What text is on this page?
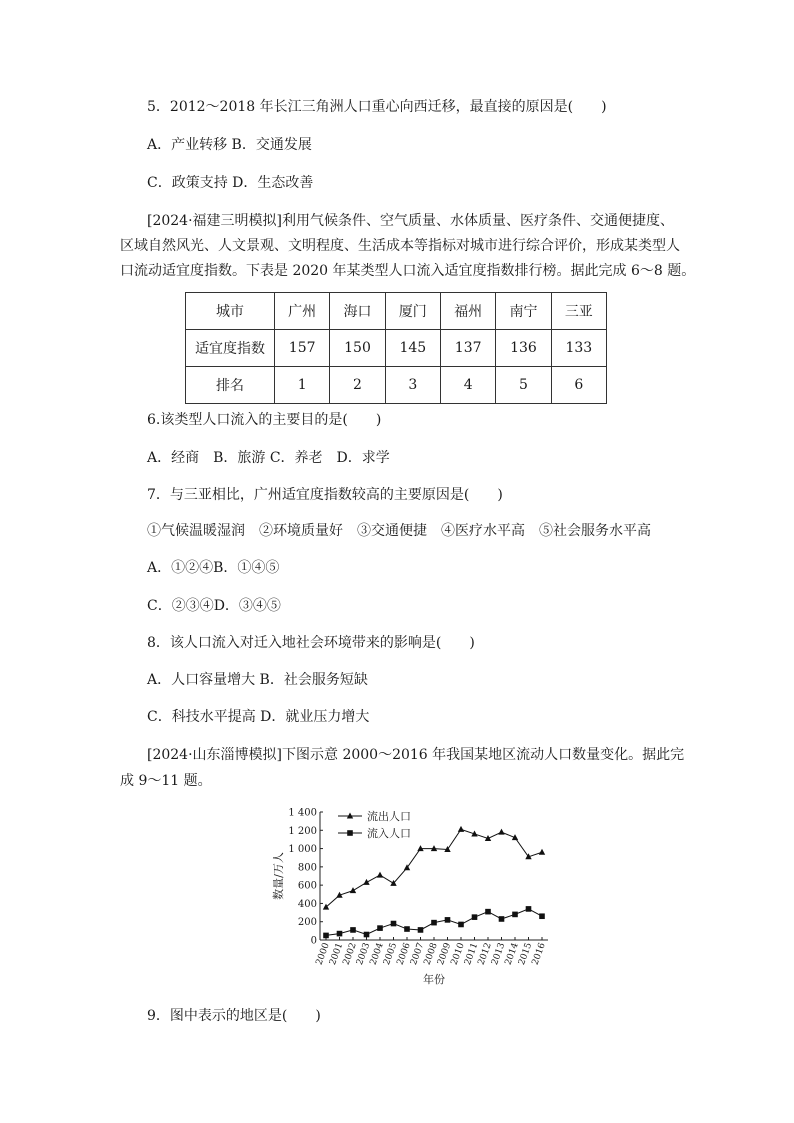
5．2012～2018 年长江三角洲人口重心向西迁移，最直接的原因是(　　)
A．产业转移 B．交通发展
C．政策支持 D．生态改善
[2024·福建三明模拟]利用气候条件、空气质量、水体质量、医疗条件、交通便捷度、
区域自然风光、人文景观、文明程度、生活成本等指标对城市进行综合评价，形成某类型人
口流动适宜度指数。下表是 2020 年某类型人口流入适宜度指数排行榜。据此完成 6～8 题。
城市	广州	海口	厦门	福州	南宁	三亚
适宜度指数	157	150	145	137	136	133
排名	1	2	3	4	5	6
6.该类型人口流入的主要目的是(　　)
A．经商　B．旅游 C．养老　D．求学
7．与三亚相比，广州适宜度指数较高的主要原因是(　　)
①气候温暖湿润　②环境质量好　③交通便捷　④医疗水平高　⑤社会服务水平高
A．①②④B．①④⑤
C．②③④D．③④⑤
8．该人口流入对迁入地社会环境带来的影响是(　　)
A．人口容量增大 B．社会服务短缺
C．科技水平提高 D．就业压力增大
[2024·山东淄博模拟]下图示意 2000～2016 年我国某地区流动人口数量变化。据此完
成 9～11 题。
0
200
400
600
800
1 000
1 200
1 400
2000
2001
2002
2003
2004
2005
2006
2007
2008
2009
2010
2011
2012
2013
2014
2015
2016
年份
数量/万人
流出人口
流入人口
9．图中表示的地区是(　　)
